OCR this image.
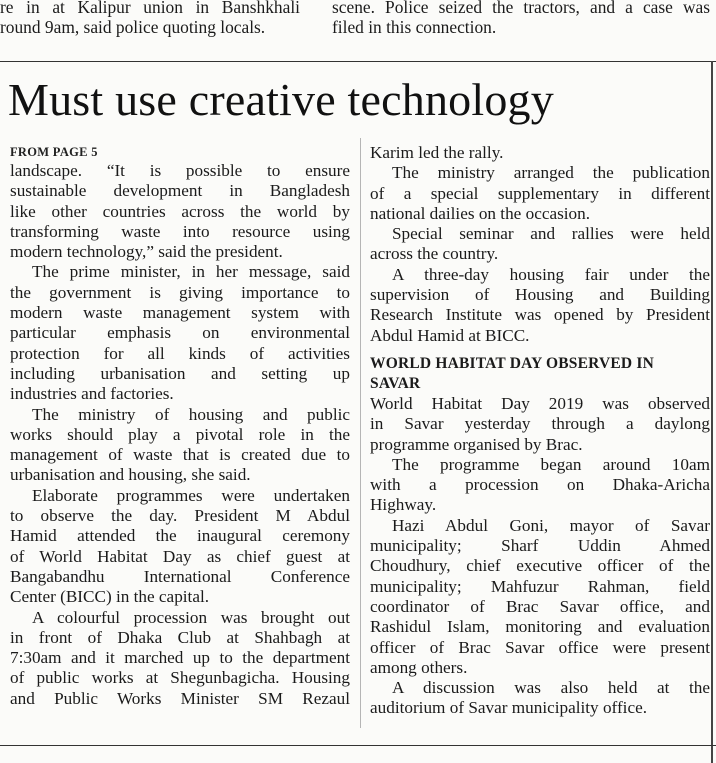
re in at Kalipur union in Banshkhali
round 9am, said police quoting locals.
scene. Police seized the tractors, and a case was
filed in this connection.
Must use creative technology
FROM PAGE 5
landscape. “It is possible to ensure
sustainable development in Bangladesh
like other countries across the world by
transforming waste into resource using
modern technology,” said the president.
The prime minister, in her message, said
the government is giving importance to
modern waste management system with
particular emphasis on environmental
protection for all kinds of activities
including urbanisation and setting up
industries and factories.
The ministry of housing and public
works should play a pivotal role in the
management of waste that is created due to
urbanisation and housing, she said.
Elaborate programmes were undertaken
to observe the day. President M Abdul
Hamid attended the inaugural ceremony
of World Habitat Day as chief guest at
Bangabandhu International Conference
Center (BICC) in the capital.
A colourful procession was brought out
in front of Dhaka Club at Shahbagh at
7:30am and it marched up to the department
of public works at Shegunbagicha. Housing
and Public Works Minister SM Rezaul
Karim led the rally.
The ministry arranged the publication
of a special supplementary in different
national dailies on the occasion.
Special seminar and rallies were held
across the country.
A three-day housing fair under the
supervision of Housing and Building
Research Institute was opened by President
Abdul Hamid at BICC.
WORLD HABITAT DAY OBSERVED IN
SAVAR
World Habitat Day 2019 was observed
in Savar yesterday through a daylong
programme organised by Brac.
The programme began around 10am
with a procession on Dhaka-Aricha
Highway.
Hazi Abdul Goni, mayor of Savar
municipality; Sharf Uddin Ahmed
Choudhury, chief executive officer of the
municipality; Mahfuzur Rahman, field
coordinator of Brac Savar office, and
Rashidul Islam, monitoring and evaluation
officer of Brac Savar office were present
among others.
A discussion was also held at the
auditorium of Savar municipality office.
